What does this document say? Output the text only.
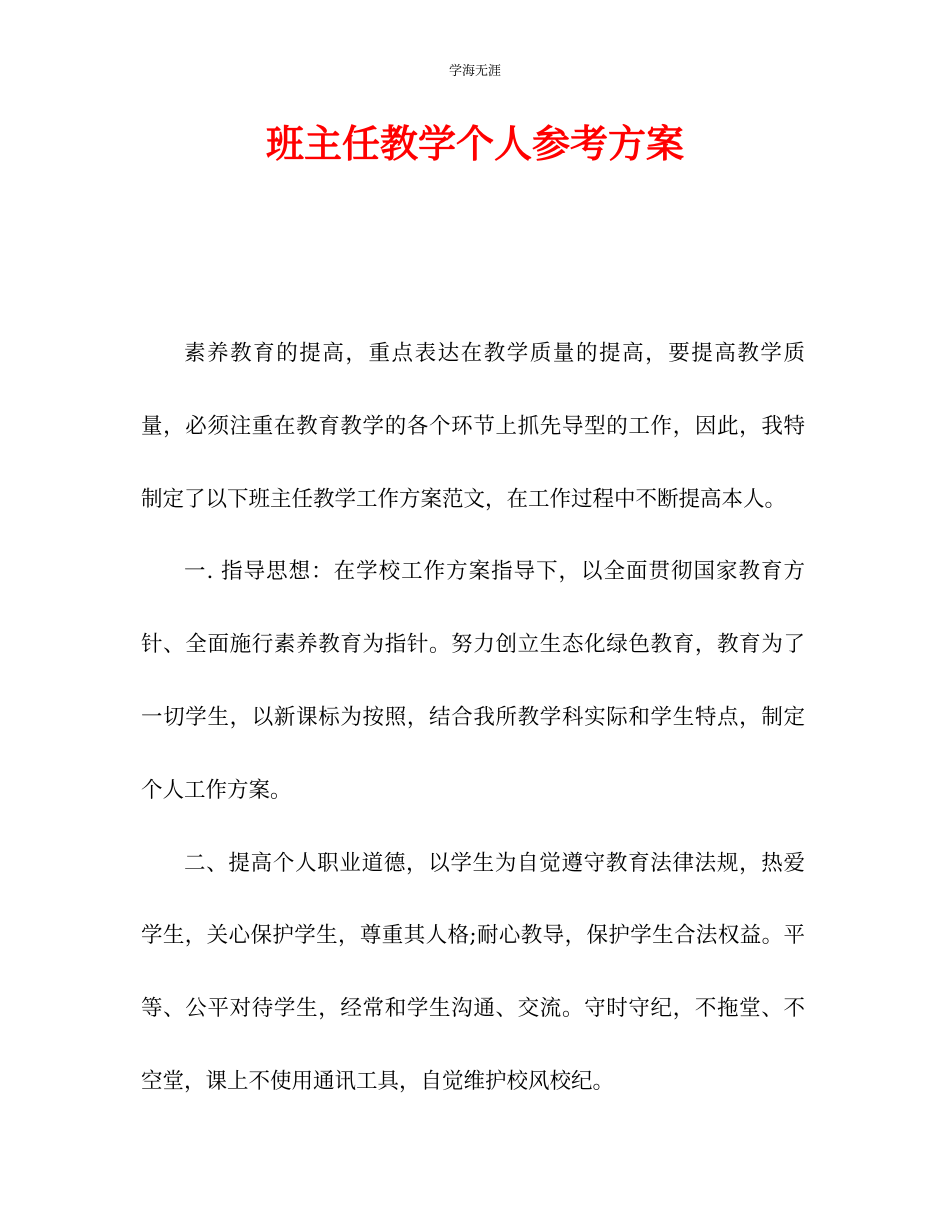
学海无涯
班主任教学个人参考方案

素养教育的提高，重点表达在教学质量的提高，要提高教学质量，必须注重在教育教学的各个环节上抓先导型的工作，因此，我特制定了以下班主任教学工作方案范文，在工作过程中不断提高本人。

一. 指导思想：在学校工作方案指导下，以全面贯彻国家教育方针、全面施行素养教育为指针。努力创立生态化绿色教育，教育为了一切学生，以新课标为按照，结合我所教学科实际和学生特点，制定个人工作方案。

二、提高个人职业道德，以学生为自觉遵守教育法律法规，热爱学生，关心保护学生，尊重其人格;耐心教导，保护学生合法权益。平等、公平对待学生，经常和学生沟通、交流。守时守纪，不拖堂、不空堂，课上不使用通讯工具，自觉维护校风校纪。
